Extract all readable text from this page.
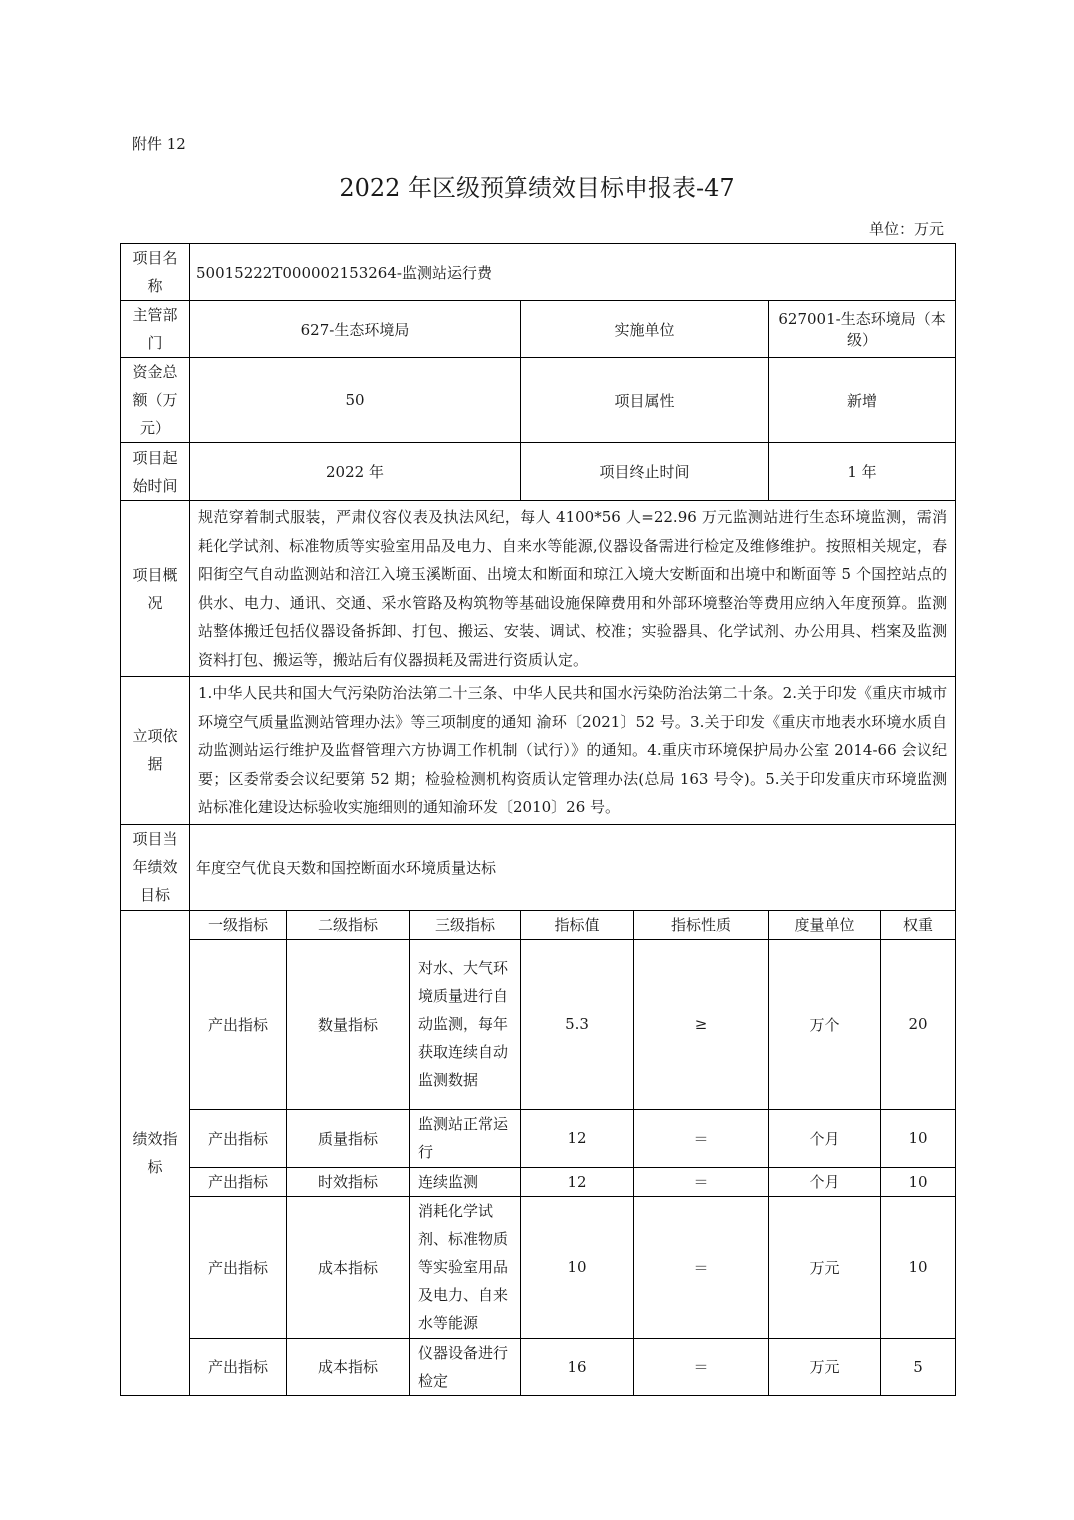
附件 12
2022 年区级预算绩效目标申报表-47
单位：万元
项目名称	50015222T000002153264-监测站运行费						
主管部门	627-生态环境局			实施单位		627001-生态环境局（本级）	
资金总额（万元）	50			项目属性		新增	
项目起始时间	2022 年			项目终止时间		1 年	
项目概况	规范穿着制式服装，严肃仪容仪表及执法风纪，每人 4100*56 人=22.96 万元监测站进行生态环境监测，需消耗化学试剂、标准物质等实验室用品及电力、自来水等能源,仪器设备需进行检定及维修维护。按照相关规定，春阳街空气自动监测站和涪江入境玉溪断面、出境太和断面和琼江入境大安断面和出境中和断面等 5 个国控站点的供水、电力、通讯、交通、采水管路及构筑物等基础设施保障费用和外部环境整治等费用应纳入年度预算。监测站整体搬迁包括仪器设备拆卸、打包、搬运、安装、调试、校准；实验器具、化学试剂、办公用具、档案及监测资料打包、搬运等，搬站后有仪器损耗及需进行资质认定。						
立项依据	1.中华人民共和国大气污染防治法第二十三条、中华人民共和国水污染防治法第二十条。2.关于印发《重庆市城市环境空气质量监测站管理办法》等三项制度的通知 渝环〔2021〕52 号。3.关于印发《重庆市地表水环境水质自动监测站运行维护及监督管理六方协调工作机制（试行）》的通知。4.重庆市环境保护局办公室 2014-66 会议纪要；区委常委会议纪要第 52 期；检验检测机构资质认定管理办法(总局 163 号令)。5.关于印发重庆市环境监测站标准化建设达标验收实施细则的通知渝环发〔2010〕26 号。						
项目当年绩效目标	年度空气优良天数和国控断面水环境质量达标						
绩效指标	一级指标	二级指标	三级指标	指标值	指标性质	度量单位	权重
	产出指标	数量指标	对水、大气环境质量进行自动监测，每年获取连续自动监测数据	5.3	≥	万个	20
	产出指标	质量指标	监测站正常运行	12	＝	个月	10
	产出指标	时效指标	连续监测	12	＝	个月	10
	产出指标	成本指标	消耗化学试剂、标准物质等实验室用品及电力、自来水等能源	10	＝	万元	10
	产出指标	成本指标	仪器设备进行检定	16	＝	万元	5
